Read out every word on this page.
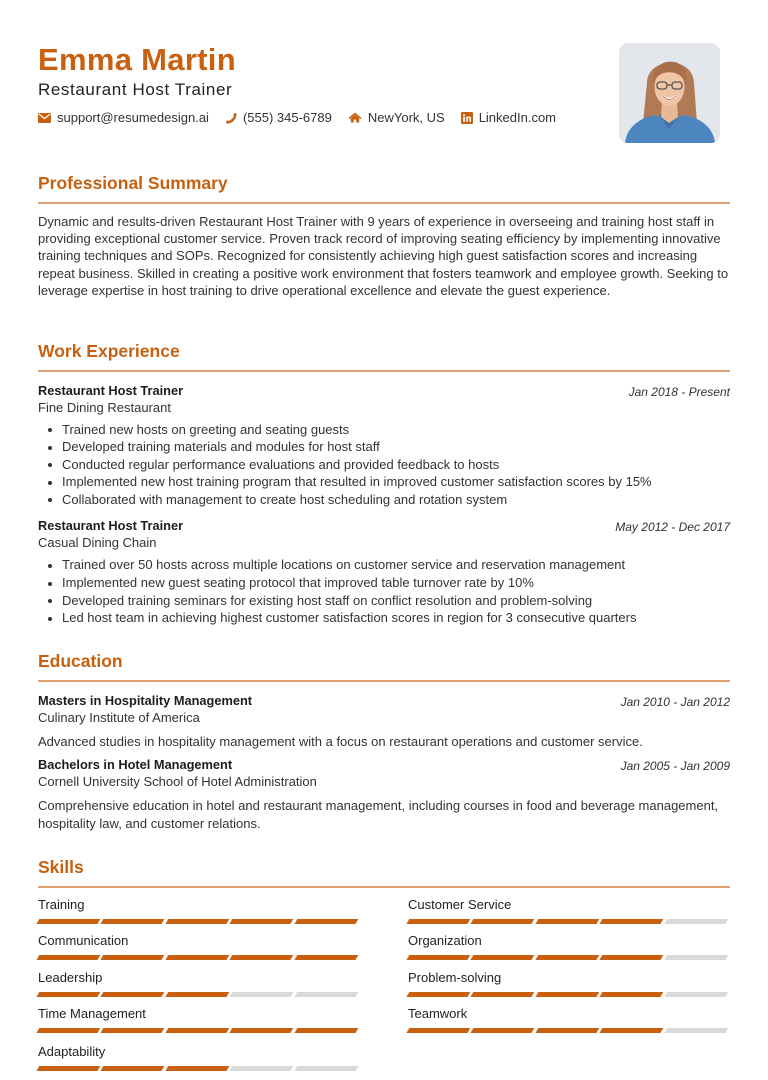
Emma Martin
Restaurant Host Trainer
support@resumedesign.ai	(555) 345-6789	NewYork, US	LinkedIn.com
Professional Summary

Dynamic and results-driven Restaurant Host Trainer with 9 years of experience in overseeing and training host staff in providing exceptional customer service. Proven track record of improving seating efficiency by implementing innovative training techniques and SOPs. Recognized for consistently achieving high guest satisfaction scores and increasing repeat business. Skilled in creating a positive work environment that fosters teamwork and employee growth. Seeking to leverage expertise in host training to drive operational excellence and elevate the guest experience.

Work Experience
Restaurant Host Trainer	Jan 2018 - Present
Fine Dining Restaurant
Trained new hosts on greeting and seating guests
Developed training materials and modules for host staff
Conducted regular performance evaluations and provided feedback to hosts
Implemented new host training program that resulted in improved customer satisfaction scores by 15%
Collaborated with management to create host scheduling and rotation system
Restaurant Host Trainer	May 2012 - Dec 2017
Casual Dining Chain
Trained over 50 hosts across multiple locations on customer service and reservation management
Implemented new guest seating protocol that improved table turnover rate by 10%
Developed training seminars for existing host staff on conflict resolution and problem-solving
Led host team in achieving highest customer satisfaction scores in region for 3 consecutive quarters
Education
Masters in Hospitality Management	Jan 2010 - Jan 2012
Culinary Institute of America

Advanced studies in hospitality management with a focus on restaurant operations and customer service.

Bachelors in Hotel Management	Jan 2005 - Jan 2009
Cornell University School of Hotel Administration

Comprehensive education in hotel and restaurant management, including courses in food and beverage management, hospitality law, and customer relations.

Skills
Training	Customer Service
Communication	Organization
Leadership	Problem-solving
Time Management	Teamwork
Adaptability
